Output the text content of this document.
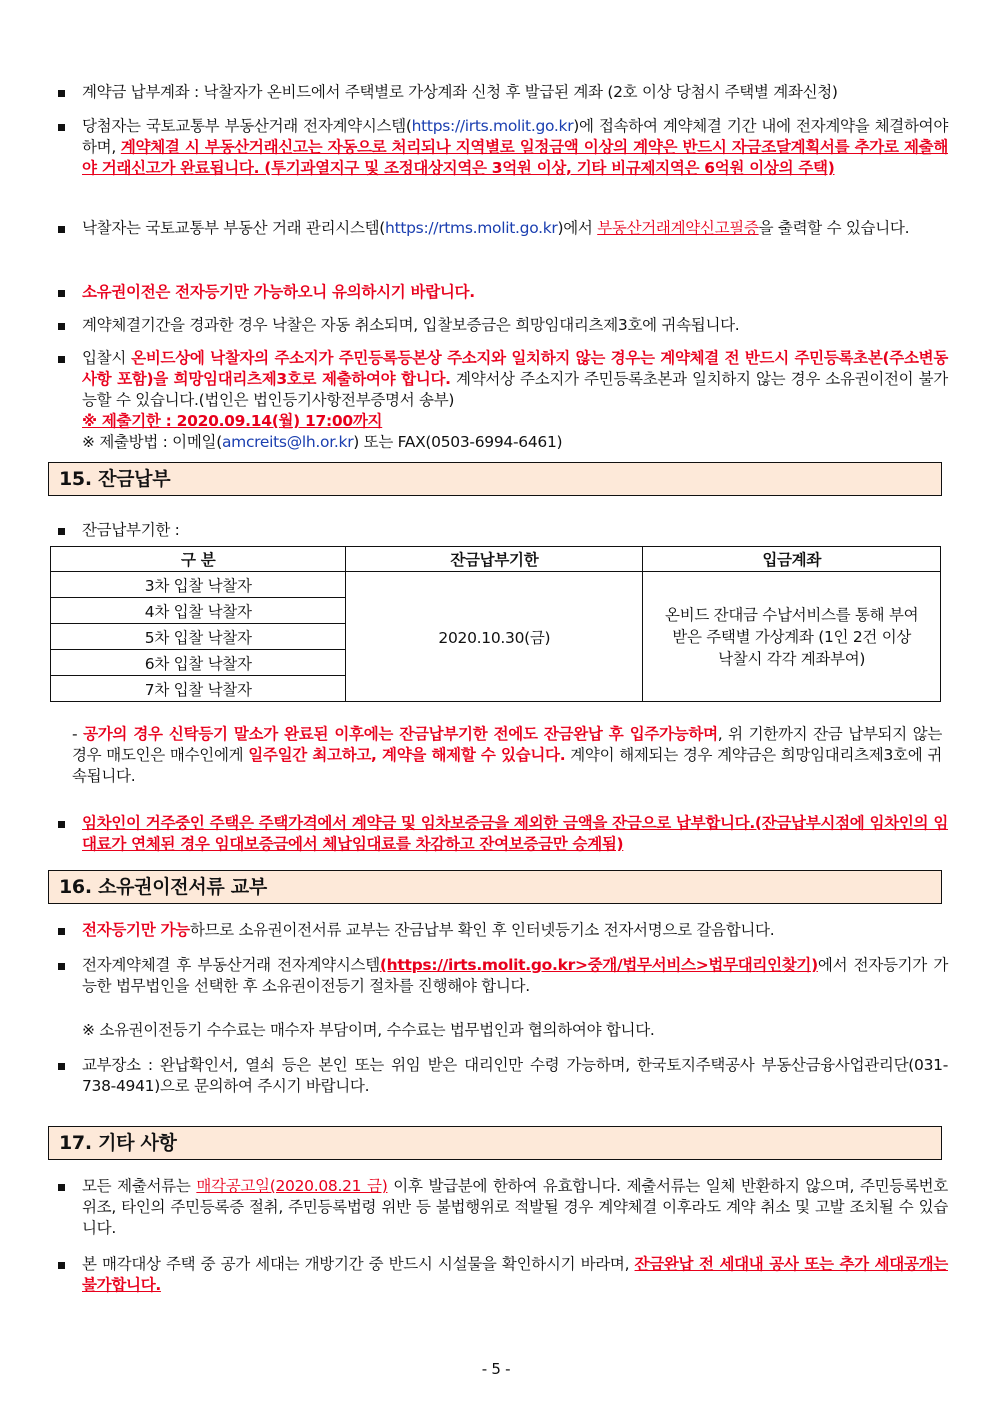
계약금 납부계좌 : 낙찰자가 온비드에서 주택별로 가상계좌 신청 후 발급된 계좌 (2호 이상 당첨시 주택별 계좌신청)
당첨자는 국토교통부 부동산거래 전자계약시스템(https://irts.molit.go.kr)에 접속하여 계약체결 기간 내에 전자계약을 체결하여야 하며, 계약체결 시 부동산거래신고는 자동으로 처리되나 지역별로 일정금액 이상의 계약은 반드시 자금조달계획서를 추가로 제출해야 거래신고가 완료됩니다. (투기과열지구 및 조정대상지역은 3억원 이상, 기타 비규제지역은 6억원 이상의 주택)
낙찰자는 국토교통부 부동산 거래 관리시스템(https://rtms.molit.go.kr)에서 부동산거래계약신고필증을 출력할 수 있습니다.
소유권이전은 전자등기만 가능하오니 유의하시기 바랍니다.
계약체결기간을 경과한 경우 낙찰은 자동 취소되며, 입찰보증금은 희망임대리츠제3호에 귀속됩니다.
입찰시 온비드상에 낙찰자의 주소지가 주민등록등본상 주소지와 일치하지 않는 경우는 계약체결 전 반드시 주민등록초본(주소변동사항 포함)을 희망임대리츠제3호로 제출하여야 합니다. 계약서상 주소지가 주민등록초본과 일치하지 않는 경우 소유권이전이 불가능할 수 있습니다.(법인은 법인등기사항전부증명서 송부)
※ 제출기한 : 2020.09.14(월) 17:00까지
※ 제출방법 : 이메일(amcreits@lh.or.kr) 또는 FAX(0503-6994-6461)
15. 잔금납부
잔금납부기한 :
구 분	잔금납부기한	입금계좌
3차 입찰 낙찰자	2020.10.30(금)	온비드 잔대금 수납서비스를 통해 부여받은 주택별 가상계좌 (1인 2건 이상 낙찰시 각각 계좌부여)
4차 입찰 낙찰자		
5차 입찰 낙찰자		
6차 입찰 낙찰자		
7차 입찰 낙찰자		
- 공가의 경우 신탁등기 말소가 완료된 이후에는 잔금납부기한 전에도 잔금완납 후 입주가능하며, 위 기한까지 잔금 납부되지 않는 경우 매도인은 매수인에게 일주일간 최고하고, 계약을 해제할 수 있습니다. 계약이 해제되는 경우 계약금은 희망임대리츠제3호에 귀속됩니다.
임차인이 거주중인 주택은 주택가격에서 계약금 및 임차보증금을 제외한 금액을 잔금으로 납부합니다.(잔금납부시점에 임차인의 임대료가 연체된 경우 임대보증금에서 체납임대료를 차감하고 잔여보증금만 승계됨)
16. 소유권이전서류 교부
전자등기만 가능하므로 소유권이전서류 교부는 잔금납부 확인 후 인터넷등기소 전자서명으로 갈음합니다.
전자계약체결 후 부동산거래 전자계약시스템(https://irts.molit.go.kr>중개/법무서비스>법무대리인찾기)에서 전자등기가 가능한 법무법인을 선택한 후 소유권이전등기 절차를 진행해야 합니다.
※ 소유권이전등기 수수료는 매수자 부담이며, 수수료는 법무법인과 협의하여야 합니다.
교부장소 : 완납확인서, 열쇠 등은 본인 또는 위임 받은 대리인만 수령 가능하며, 한국토지주택공사 부동산금융사업관리단(031-738-4941)으로 문의하여 주시기 바랍니다.
17. 기타 사항
모든 제출서류는 매각공고일(2020.08.21 금) 이후 발급분에 한하여 유효합니다. 제출서류는 일체 반환하지 않으며, 주민등록번호 위조, 타인의 주민등록증 절취, 주민등록법령 위반 등 불법행위로 적발될 경우 계약체결 이후라도 계약 취소 및 고발 조치될 수 있습니다.
본 매각대상 주택 중 공가 세대는 개방기간 중 반드시 시설물을 확인하시기 바라며, 잔금완납 전 세대내 공사 또는 추가 세대공개는 불가합니다.
- 5 -
